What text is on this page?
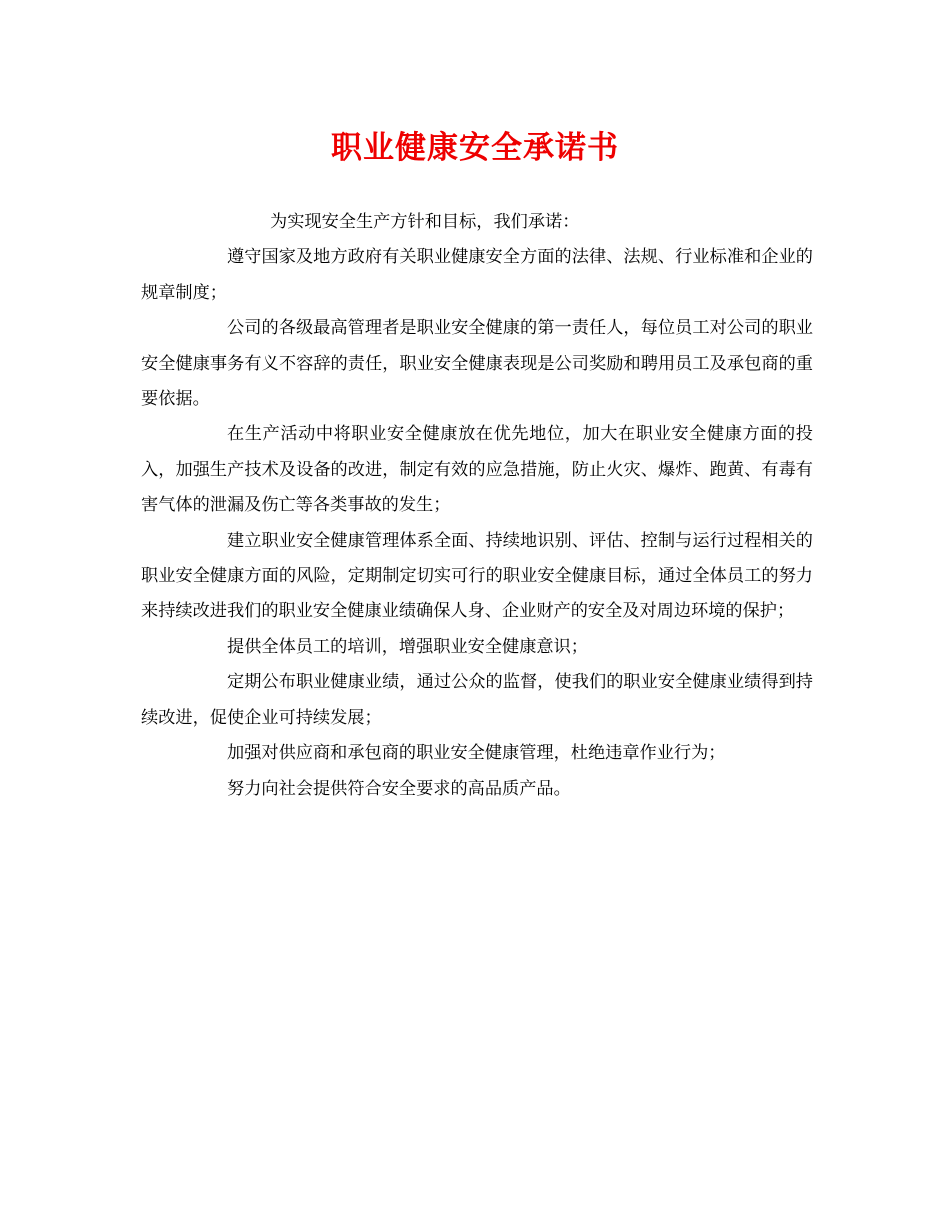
职业健康安全承诺书

为实现安全生产方针和目标，我们承诺：

遵守国家及地方政府有关职业健康安全方面的法律、法规、行业标准和企业的规章制度；

公司的各级最高管理者是职业安全健康的第一责任人，每位员工对公司的职业安全健康事务有义不容辞的责任，职业安全健康表现是公司奖励和聘用员工及承包商的重要依据。

在生产活动中将职业安全健康放在优先地位，加大在职业安全健康方面的投入，加强生产技术及设备的改进，制定有效的应急措施，防止火灾、爆炸、跑黄、有毒有害气体的泄漏及伤亡等各类事故的发生；

建立职业安全健康管理体系全面、持续地识别、评估、控制与运行过程相关的职业安全健康方面的风险，定期制定切实可行的职业安全健康目标，通过全体员工的努力来持续改进我们的职业安全健康业绩确保人身、企业财产的安全及对周边环境的保护；

提供全体员工的培训，增强职业安全健康意识；

定期公布职业健康业绩，通过公众的监督，使我们的职业安全健康业绩得到持续改进，促使企业可持续发展；

加强对供应商和承包商的职业安全健康管理，杜绝违章作业行为；

努力向社会提供符合安全要求的高品质产品。
